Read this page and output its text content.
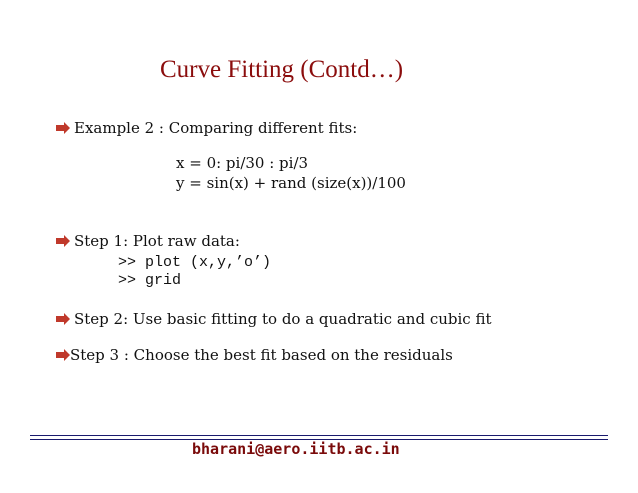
Curve Fitting (Contd…)
Example 2 : Comparing different fits:
x = 0: pi/30 : pi/3
y = sin(x) + rand (size(x))/100
Step 1: Plot raw data:
>> plot (x,y,’o’)
>> grid
Step 2: Use basic fitting to do a quadratic and cubic fit
Step 3 : Choose the best fit based on the residuals
bharani@aero.iitb.ac.in
